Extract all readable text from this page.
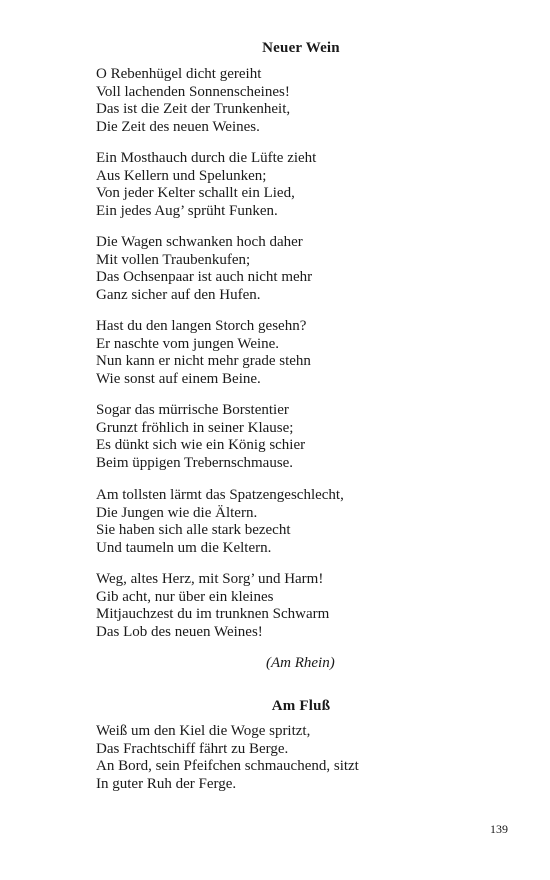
Neuer Wein
O Rebenhügel dicht gereiht
Voll lachenden Sonnenscheines!
Das ist die Zeit der Trunkenheit,
Die Zeit des neuen Weines.
Ein Mosthauch durch die Lüfte zieht
Aus Kellern und Spelunken;
Von jeder Kelter schallt ein Lied,
Ein jedes Aug’ sprüht Funken.
Die Wagen schwanken hoch daher
Mit vollen Traubenkufen;
Das Ochsenpaar ist auch nicht mehr
Ganz sicher auf den Hufen.
Hast du den langen Storch gesehn?
Er naschte vom jungen Weine.
Nun kann er nicht mehr grade stehn
Wie sonst auf einem Beine.
Sogar das mürrische Borstentier
Grunzt fröhlich in seiner Klause;
Es dünkt sich wie ein König schier
Beim üppigen Trebernschmause.
Am tollsten lärmt das Spatzengeschlecht,
Die Jungen wie die Ältern.
Sie haben sich alle stark bezecht
Und taumeln um die Keltern.
Weg, altes Herz, mit Sorg’ und Harm!
Gib acht, nur über ein kleines
Mitjauchzest du im trunknen Schwarm
Das Lob des neuen Weines!
(Am Rhein)
Am Fluß
Weiß um den Kiel die Woge spritzt,
Das Frachtschiff fährt zu Berge.
An Bord, sein Pfeifchen schmauchend, sitzt
In guter Ruh der Ferge.
139
